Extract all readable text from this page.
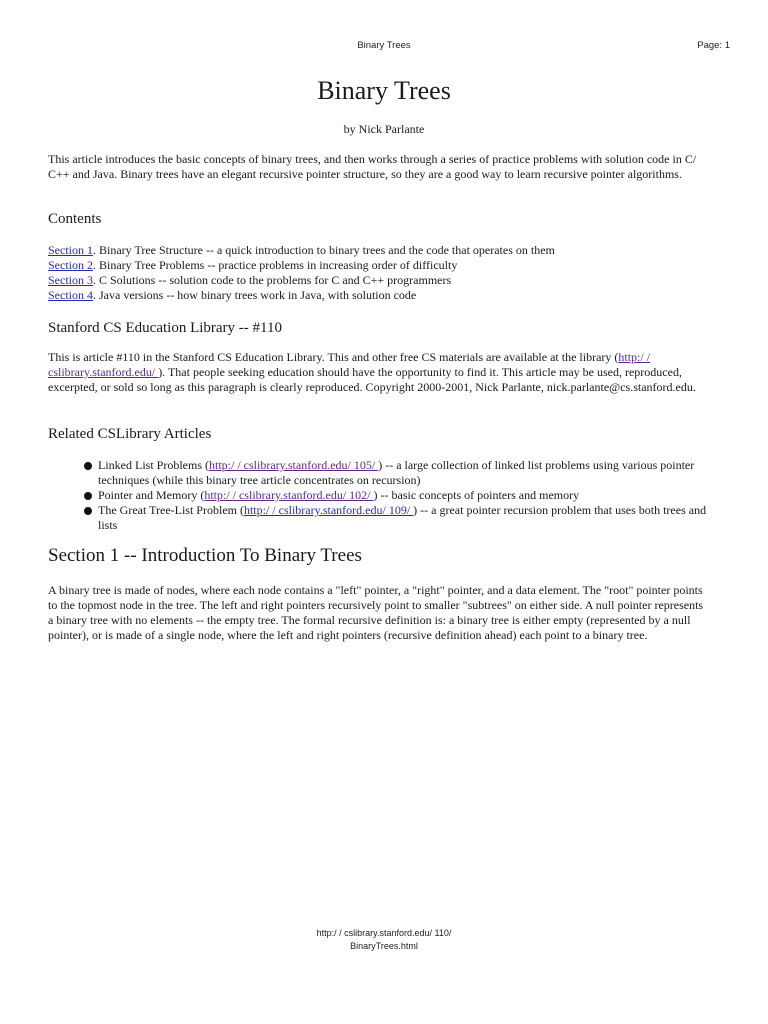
Binary Trees	Page: 1
Binary Trees
by Nick Parlante
This article introduces the basic concepts of binary trees, and then works through a series of practice problems with solution code in C/ C++ and Java. Binary trees have an elegant recursive pointer structure, so they are a good way to learn recursive pointer algorithms.
Contents
Section 1. Binary Tree Structure -- a quick introduction to binary trees and the code that operates on them
Section 2. Binary Tree Problems -- practice problems in increasing order of difficulty
Section 3. C Solutions -- solution code to the problems for C and C++ programmers
Section 4. Java versions -- how binary trees work in Java, with solution code
Stanford CS Education Library -- #110
This is article #110 in the Stanford CS Education Library. This and other free CS materials are available at the library (http:/ / cslibrary.stanford.edu/ ). That people seeking education should have the opportunity to find it. This article may be used, reproduced, excerpted, or sold so long as this paragraph is clearly reproduced. Copyright 2000-2001, Nick Parlante, nick.parlante@cs.stanford.edu.
Related CSLibrary Articles
Linked List Problems (http:/ / cslibrary.stanford.edu/ 105/ ) -- a large collection of linked list problems using various pointer techniques (while this binary tree article concentrates on recursion)
Pointer and Memory (http:/ / cslibrary.stanford.edu/ 102/ ) -- basic concepts of pointers and memory
The Great Tree-List Problem (http:/ / cslibrary.stanford.edu/ 109/ ) -- a great pointer recursion problem that uses both trees and lists
Section 1 -- Introduction To Binary Trees
A binary tree is made of nodes, where each node contains a "left" pointer, a "right" pointer, and a data element. The "root" pointer points to the topmost node in the tree. The left and right pointers recursively point to smaller "subtrees" on either side. A null pointer represents a binary tree with no elements -- the empty tree. The formal recursive definition is: a binary tree is either empty (represented by a null pointer), or is made of a single node, where the left and right pointers (recursive definition ahead) each point to a binary tree.
http:/ / cslibrary.stanford.edu/ 110/
BinaryTrees.html
